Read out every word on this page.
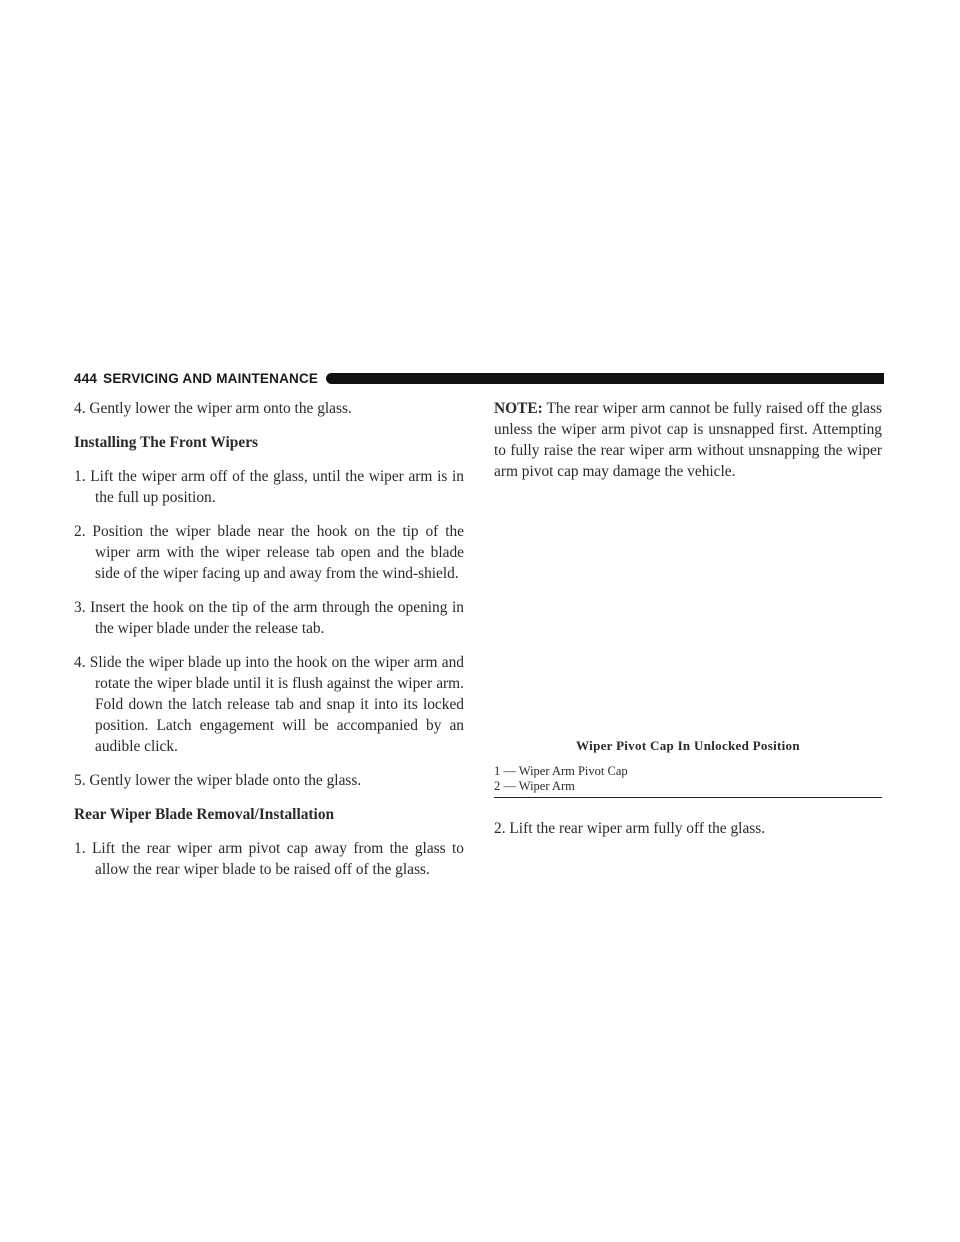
444 SERVICING AND MAINTENANCE

4. Gently lower the wiper arm onto the glass.

Installing The Front Wipers

1. Lift the wiper arm off of the glass, until the wiper arm is in the full up position.

2. Position the wiper blade near the hook on the tip of the wiper arm with the wiper release tab open and the blade side of the wiper facing up and away from the wind-shield.

3. Insert the hook on the tip of the arm through the opening in the wiper blade under the release tab.

4. Slide the wiper blade up into the hook on the wiper arm and rotate the wiper blade until it is flush against the wiper arm. Fold down the latch release tab and snap it into its locked position. Latch engagement will be accompanied by an audible click.

5. Gently lower the wiper blade onto the glass.

Rear Wiper Blade Removal/Installation

1. Lift the rear wiper arm pivot cap away from the glass to allow the rear wiper blade to be raised off of the glass.

NOTE: The rear wiper arm cannot be fully raised off the glass unless the wiper arm pivot cap is unsnapped first. Attempting to fully raise the rear wiper arm without unsnapping the wiper arm pivot cap may damage the vehicle.

Wiper Pivot Cap In Unlocked Position
1 — Wiper Arm Pivot Cap
2 — Wiper Arm
2. Lift the rear wiper arm fully off the glass.
